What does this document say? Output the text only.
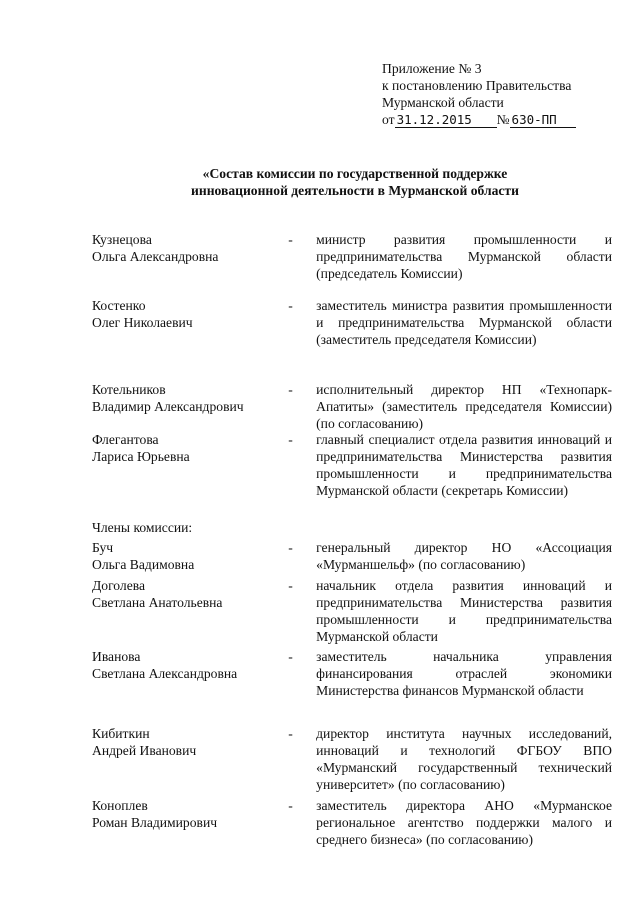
Приложение № 3
к постановлению Правительства
Мурманской области
от 31.12.2015 № 630-ПП
«Состав комиссии по государственной поддержке
инновационной деятельности в Мурманской области
Кузнецова
Ольга Александровна
-	министр развития промышленности и предпринимательства Мурманской области (председатель Комиссии)
Костенко
Олег Николаевич
-	заместитель министра развития промышленности и предпринимательства Мурманской области (заместитель председателя Комиссии)
Котельников
Владимир Александрович
-	исполнительный директор НП «Технопарк-Апатиты» (заместитель председателя Комиссии) (по согласованию)
Флегантова
Лариса Юрьевна
-	главный специалист отдела развития инноваций и предпринимательства Министерства развития промышленности и предпринимательства Мурманской области (секретарь Комиссии)
Члены комиссии:
Буч
Ольга Вадимовна
-	генеральный директор НО «Ассоциация «Мурманшельф» (по согласованию)
Доголева
Светлана Анатольевна
-	начальник отдела развития инноваций и предпринимательства Министерства развития промышленности и предпринимательства Мурманской области
Иванова
Светлана Александровна
-	заместитель начальника управления финансирования отраслей экономики Министерства финансов Мурманской области
Кибиткин
Андрей Иванович
-	директор института научных исследований, инноваций и технологий ФГБОУ ВПО «Мурманский государственный технический университет» (по согласованию)
Коноплев
Роман Владимирович
-	заместитель директора АНО «Мурманское региональное агентство поддержки малого и среднего бизнеса» (по согласованию)
